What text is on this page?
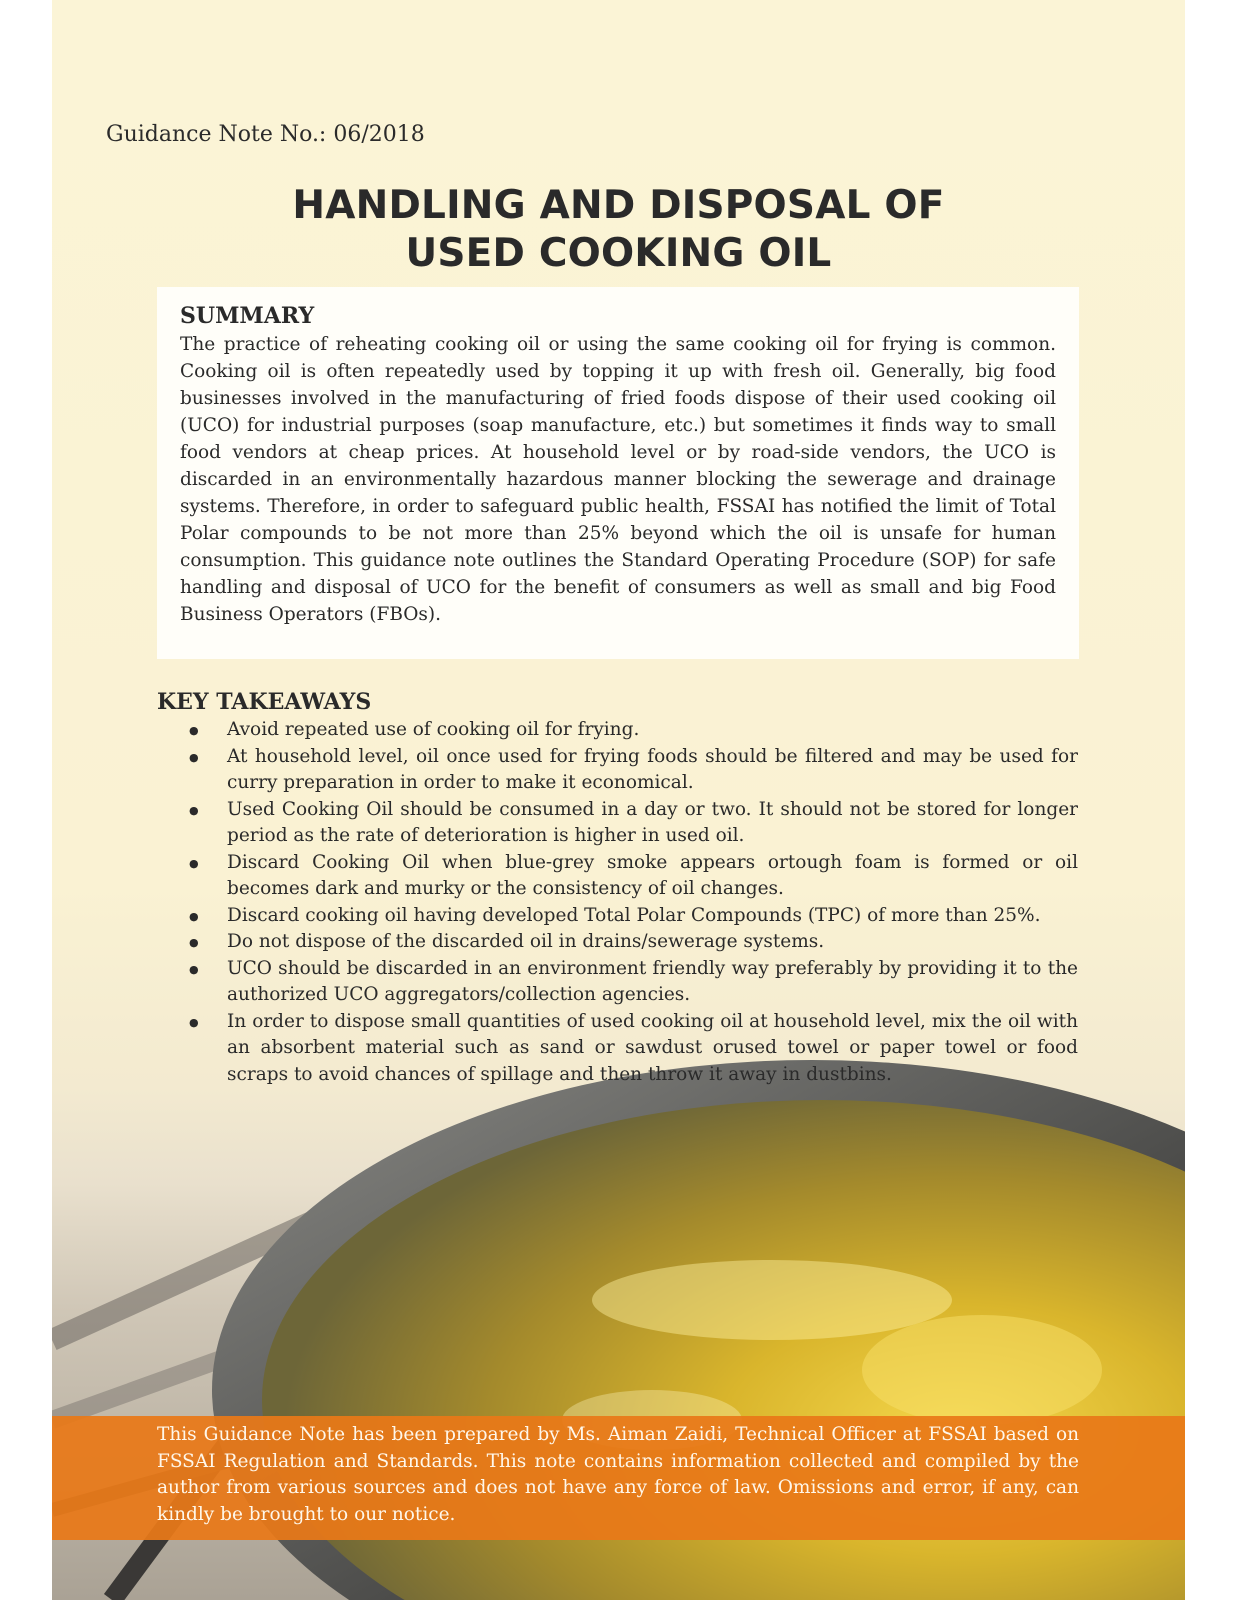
Guidance Note No.: 06/2018
HANDLING AND DISPOSAL OF
USED COOKING OIL
SUMMARY
The practice of reheating cooking oil or using the same cooking oil for frying is common. Cooking oil is often repeatedly used by topping it up with fresh oil. Generally, big food businesses involved in the manufacturing of fried foods dispose of their used cooking oil (UCO) for industrial purposes (soap manufacture, etc.) but sometimes it finds way to small food vendors at cheap prices. At household level or by road-side vendors, the UCO is discarded in an environmentally hazardous manner blocking the sewerage and drainage systems. Therefore, in order to safeguard public health, FSSAI has notified the limit of Total Polar compounds to be not more than 25% beyond which the oil is unsafe for human consumption. This guidance note outlines the Standard Operating Procedure (SOP) for safe handling and disposal of UCO for the benefit of consumers as well as small and big Food Business Operators (FBOs).
KEY TAKEAWAYS
● Avoid repeated use of cooking oil for frying.
● At household level, oil once used for frying foods should be filtered and may be used for curry preparation in order to make it economical.
● Used Cooking Oil should be consumed in a day or two. It should not be stored for longer period as the rate of deterioration is higher in used oil.
● Discard Cooking Oil when blue-grey smoke appears ortough foam is formed or oil becomes dark and murky or the consistency of oil changes.
● Discard cooking oil having developed Total Polar Compounds (TPC) of more than 25%.
● Do not dispose of the discarded oil in drains/sewerage systems.
● UCO should be discarded in an environment friendly way preferably by providing it to the authorized UCO aggregators/collection agencies.
● In order to dispose small quantities of used cooking oil at household level, mix the oil with an absorbent material such as sand or sawdust orused towel or paper towel or food scraps to avoid chances of spillage and then throw it away in dustbins.
This Guidance Note has been prepared by Ms. Aiman Zaidi, Technical Officer at FSSAI based on FSSAI Regulation and Standards. This note contains information collected and compiled by the author from various sources and does not have any force of law. Omissions and error, if any, can kindly be brought to our notice.
